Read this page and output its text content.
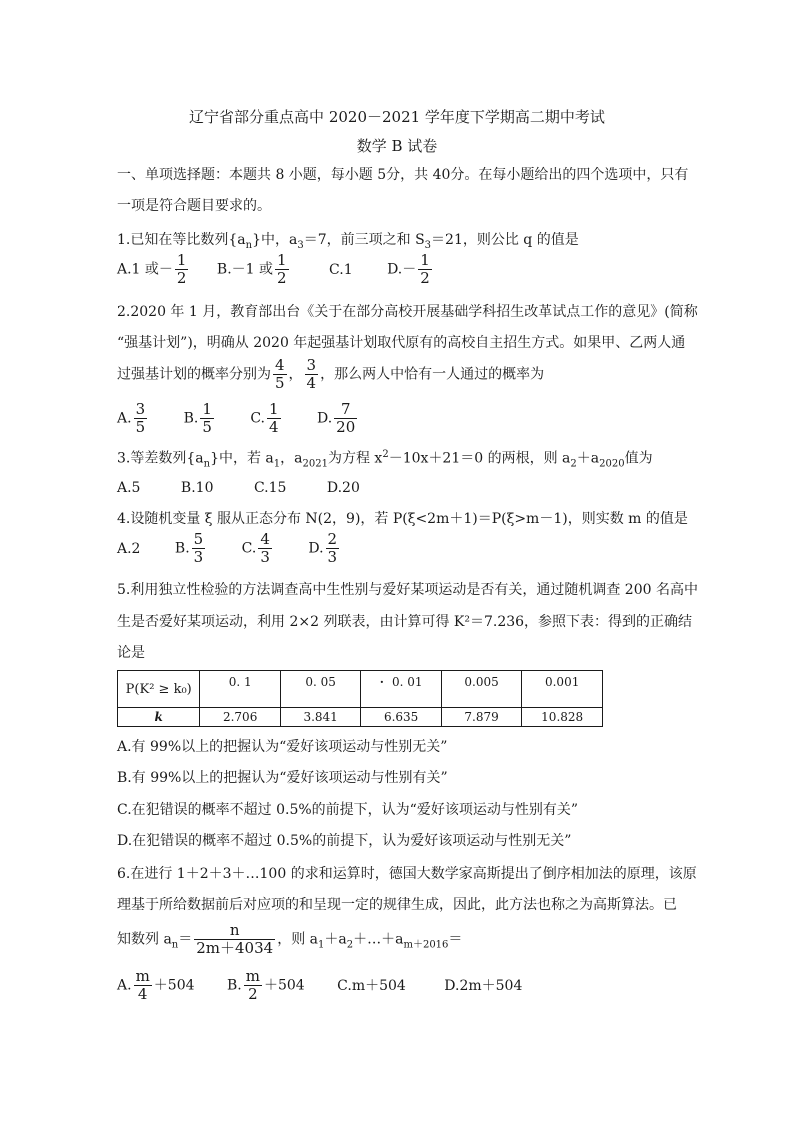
辽宁省部分重点高中 2020－2021 学年度下学期高二期中考试
数学 B 试卷
一、单项选择题：本题共 8 小题，每小题 5分，共 40分。在每小题给出的四个选项中，只有
一项是符合题目要求的。
1.已知在等比数列$\{a_n\}$中，$a_3=7$，前三项之和 $S_3=21$，则公比 q 的值是
A.1 或－ $\frac{1}{2} B.-1$ 或 $\frac{1}{2}$	C.1 $D.- \frac{1}{2}$
2.2020 年 1 月，教育部出台《关于在部分高校开展基础学科招生改革试点工作的意见》(简称
“强基计划”)，明确从 2020 年起强基计划取代原有的高校自主招生方式。如果甲、乙两人通
过强基计划的概率分别为 $\frac{4}{5}$ ， $\frac{3}{4}$ ，那么两人中恰有一人通过的概率为
A. $\frac{3}{5}$	B. $\frac{1}{5}$	C. $\frac{1}{4}$	D. $\frac{7}{20}$
3.等差数列$\{a_n\}$中，若 $a_1$，$a_{2021}$为方程 $x^2-10x+21=0$ 的两根，则 $a_2+a_{2020}$值为
A.5	B.10	C.15	D.20
4.设随机变量 ξ 服从正态分布 N(2，9)，若 P(ξ<2m＋1)＝P(ξ>m－1)，则实数 m 的值是
A.2 B. $\frac{5}{3}$	C. $\frac{4}{3}$	D. $\frac{2}{3}$
5.利用独立性检验的方法调查高中生性别与爱好某项运动是否有关，通过随机调查 200 名高中
生是否爱好某项运动，利用 2×2 列联表，由计算可得 K²＝7.236，参照下表：得到的正确结
论是
P(K² ≥ k₀)	0. 1	0. 05	· 0. 01	0.005	0.001
k	2.706	3.841	6.635	7.879	10.828
A.有 99%以上的把握认为“爱好该项运动与性别无关”
B.有 99%以上的把握认为“爱好该项运动与性别有关”
C.在犯错误的概率不超过 0.5%的前提下，认为“爱好该项运动与性别有关”
D.在犯错误的概率不超过 0.5%的前提下，认为爱好该项运动与性别无关”
6.在进行 1＋2＋3＋…100 的求和运算时，德国大数学家高斯提出了倒序相加法的原理，该原
理基于所给数据前后对应项的和呈现一定的规律生成，因此，此方法也称之为高斯算法。已
知数列 $a_n= \frac{n}{2m+4034}$ ，则 $a_1+a_2+\dots+a_{m+2016}=$
A. $\frac{m}{4} +504$ B. $\frac{m}{2} +504$ C.m＋504	D.2m＋504
